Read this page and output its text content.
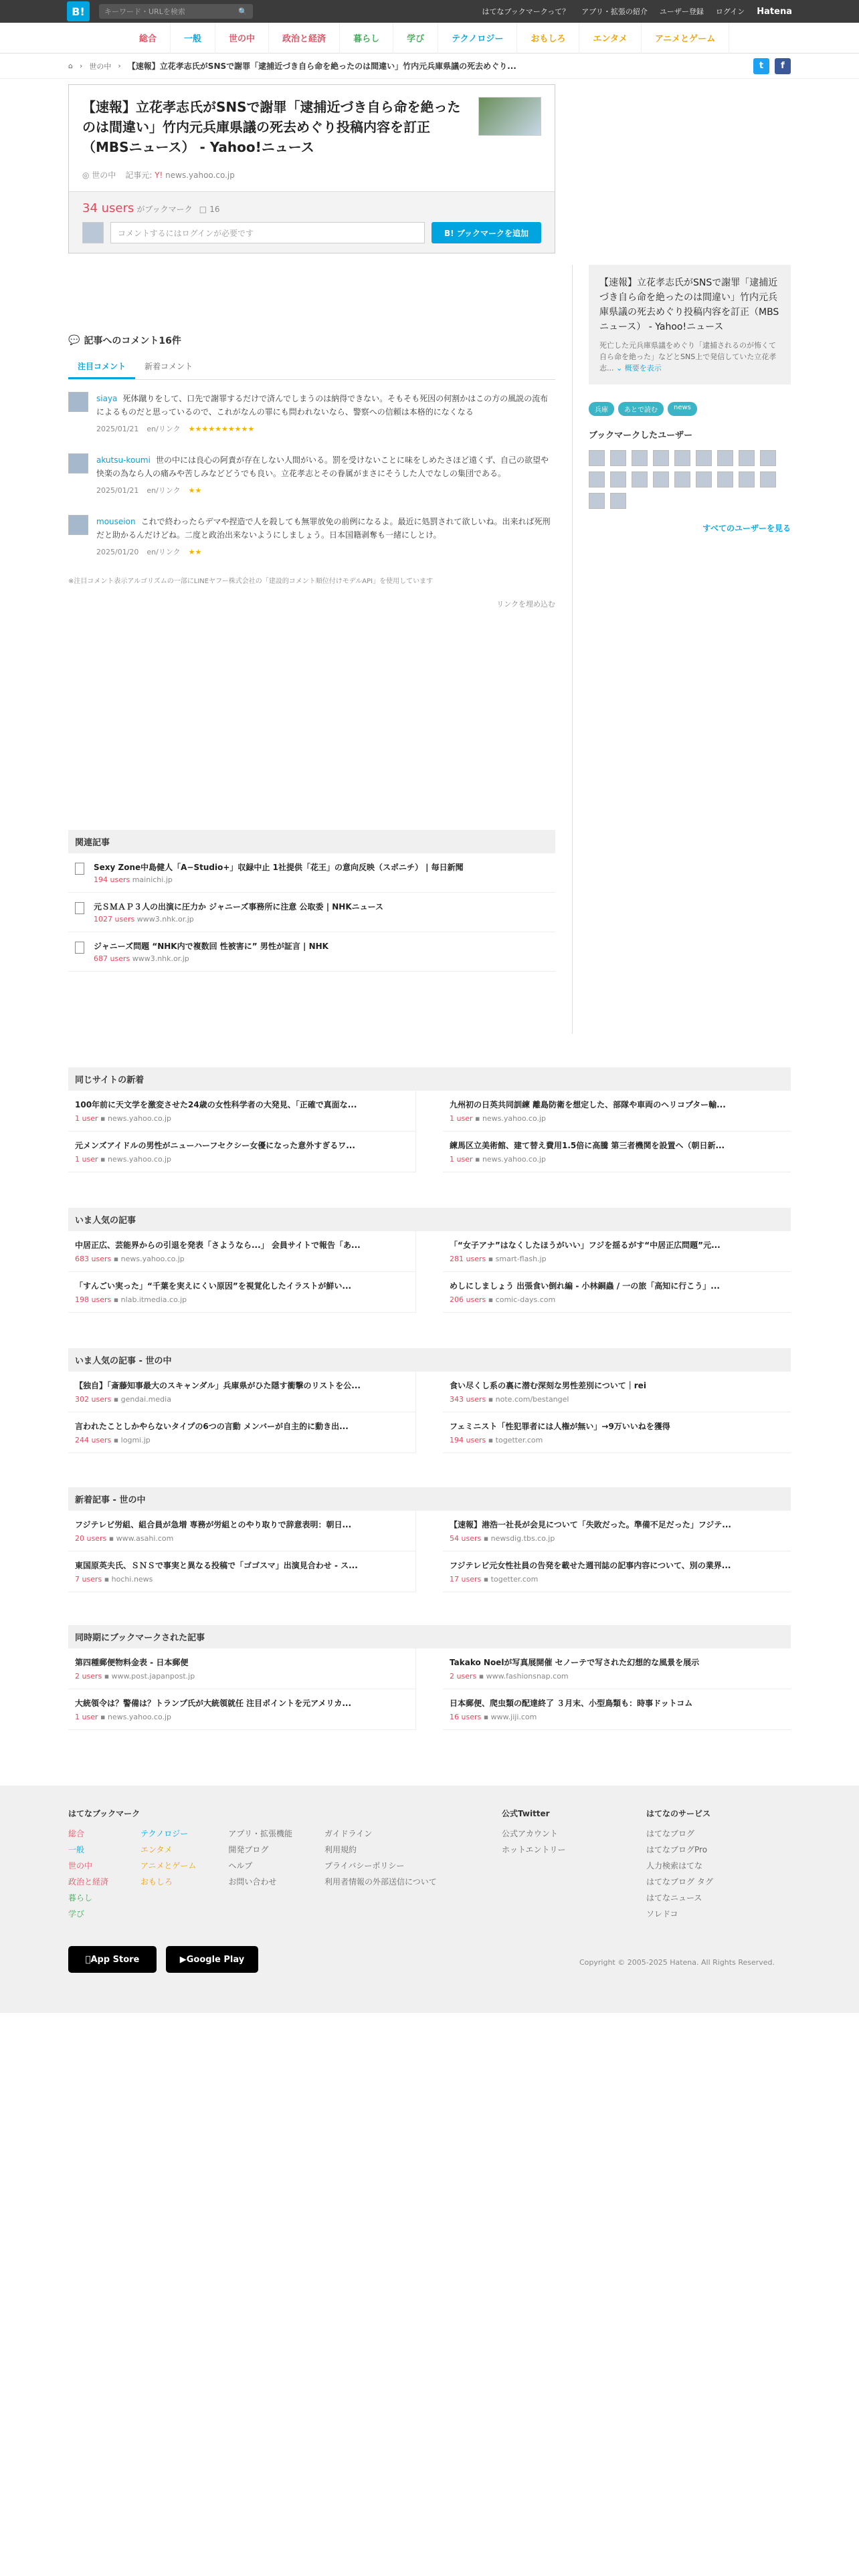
B!	キーワード・URLを検索	🔍	はてなブックマークって？ アプリ・拡張の紹介 ユーザー登録 ログイン Hatena
総合	一般	世の中	政治と経済	暮らし	学び	テクノロジー	おもしろ	エンタメ	アニメとゲーム
⌂ › 世の中 › 【速報】立花孝志氏がSNSで謝罪「逮捕近づき自ら命を絶ったのは間違い」竹内元兵庫県議の死去めぐり...	t	f
【速報】立花孝志氏がSNSで謝罪「逮捕近づき自ら命を絶ったのは間違い」竹内元兵庫県議の死去めぐり投稿内容を訂正（MBSニュース） - Yahoo!ニュース
◎ 世の中 記事元: Y! news.yahoo.co.jp
34 users がブックマーク □ 16
コメントするにはログインが必要です	B! ブックマークを追加
💬 記事へのコメント16件
注目コメント	新着コメント
siaya 死体蹴りをして、口先で謝罪するだけで済んでしまうのは納得できない。そもそも死因の何割かはこの方の風説の流布によるものだと思っているので、これがなんの罪にも問われないなら、警察への信頼は本格的になくなる
2025/01/21 en/リンク ★★★★★★★★★★
akutsu-koumi 世の中には良心の阿責が存在しない人間がいる。罰を受けないことに味をしめたさほど遠くず、自己の欲望や快楽の為なら人の痛みや苦しみなどどうでも良い。立花孝志とその眷属がまさにそうした人でなしの集団である。
2025/01/21 en/リンク ★★
mouseion これで終わったらデマや捏造で人を殺しても無罪放免の前例になるよ。最近に処罰されて欲しいね。出来れば死刑だと助かるんだけどね。二度と政治出来ないようにしましょう。日本国籍剥奪も一緒にしとけ。
2025/01/20 en/リンク ★★
※注目コメント表示アルゴリズムの一部にLINEヤフー株式会社の「建設的コメント順位付けモデルAPI」を使用しています
リンクを埋め込む
関連記事
Sexy Zone中島健人「A−Studio+」収録中止 1社提供「花王」の意向反映（スポニチ） | 毎日新聞
194 users mainichi.jp
元ＳＭＡＰ３人の出演に圧力か ジャニーズ事務所に注意 公取委 | NHKニュース
1027 users www3.nhk.or.jp
ジャニーズ問題 “NHK内で複数回 性被害に” 男性が証言 | NHK
687 users www3.nhk.or.jp
【速報】立花孝志氏がSNSで謝罪「逮捕近づき自ら命を絶ったのは間違い」竹内元兵庫県議の死去めぐり投稿内容を訂正（MBSニュース） - Yahoo!ニュース
死亡した元兵庫県議をめぐり「逮捕されるのが怖くて自ら命を絶った」などとSNS上で発信していた立花孝志... ⌄ 概要を表示
兵庫	あとで読む	news
ブックマークしたユーザー
すべてのユーザーを見る
同じサイトの新着
100年前に天文学を激変させた24歳の女性科学者の大発見、「正確で真面な...
1 user ▪ news.yahoo.co.jp
九州初の日英共同訓練 離島防衛を想定した、部隊や車両のヘリコプター輸...
1 user ▪ news.yahoo.co.jp
元メンズアイドルの男性がニューハーフセクシー女優になった意外すぎるワ...
1 user ▪ news.yahoo.co.jp
練馬区立美術館、建て替え費用1.5倍に高騰 第三者機関を設置へ（朝日新...
1 user ▪ news.yahoo.co.jp
いま人気の記事
中居正広、芸能界からの引退を発表「さようなら...」 会員サイトで報告「あ...
683 users ▪ news.yahoo.co.jp
「“女子アナ”はなくしたほうがいい」フジを揺るがす“中居正広問題”元...
281 users ▪ smart-flash.jp
「すんごい実った」“千葉を実えにくい原因”を視覚化したイラストが鮮い...
198 users ▪ nlab.itmedia.co.jp
めしにしましょう 出張食い倒れ編 - 小林銅蟲 / 一の旅「高知に行こう」...
206 users ▪ comic-days.com
いま人気の記事 - 世の中
【独自】「斎藤知事最大のスキャンダル」兵庫県がひた隠す衝撃のリストを公...
302 users ▪ gendai.media
食い尽くし系の裏に潜む深刻な男性差別について｜rei
343 users ▪ note.com/bestangel
言われたことしかやらないタイプの6つの言動 メンバーが自主的に動き出...
244 users ▪ logmi.jp
フェミニスト「性犯罪者には人権が無い」→9万いいねを獲得
194 users ▪ togetter.com
新着記事 - 世の中
フジテレビ労組、組合員が急増 専務が労組とのやり取りで辞意表明：朝日...
20 users ▪ www.asahi.com
【速報】港浩一社長が会見について「失敗だった。準備不足だった」フジテ...
54 users ▪ newsdig.tbs.co.jp
東国原英夫氏、ＳＮＳで事実と異なる投稿で「ゴゴスマ」出演見合わせ - ス...
7 users ▪ hochi.news
フジテレビ元女性社員の告発を載せた週刊誌の記事内容について、別の業界...
17 users ▪ togetter.com
同時期にブックマークされた記事
第四種郵便物料金表 - 日本郵便
2 users ▪ www.post.japanpost.jp
Takako Noelが写真展開催 セノーテで写された幻想的な風景を展示
2 users ▪ www.fashionsnap.com
大統領令は？警備は？トランプ氏が大統領就任 注目ポイントを元アメリカ...
1 user ▪ news.yahoo.co.jp
日本郵便、爬虫類の配達終了 ３月末、小型鳥類も：時事ドットコム
16 users ▪ www.jiji.com
はてなブックマーク
総合
一般
世の中
政治と経済
暮らし
学び
テクノロジー
エンタメ
アニメとゲーム
おもしろ
アプリ・拡張機能
開発ブログ
ヘルプ
お問い合わせ
ガイドライン
利用規約
プライバシーポリシー
利用者情報の外部送信について
公式Twitter
公式アカウント
ホットエントリー
はてなのサービス
はてなブログ
はてなブログPro
人力検索はてな
はてなブログ タグ
はてなニュース
ソレドコ
App Store	▶ Google Play	Copyright © 2005-2025 Hatena. All Rights Reserved.
